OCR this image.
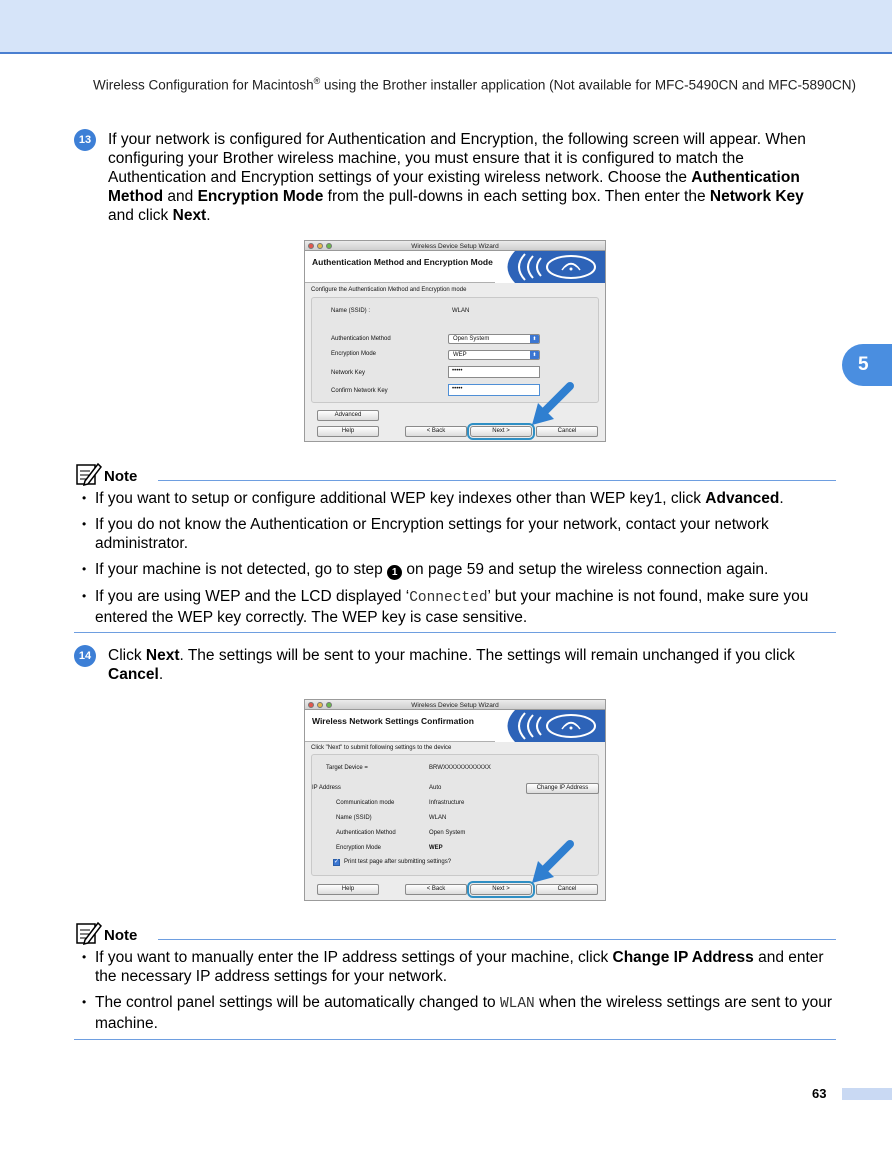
Wireless Configuration for Macintosh® using the Brother installer application (Not available for MFC-5490CN and MFC-5890CN)
5
13	If your network is configured for Authentication and Encryption, the following screen will appear. When configuring your Brother wireless machine, you must ensure that it is configured to match the Authentication and Encryption settings of your existing wireless network. Choose the Authentication Method and Encryption Mode from the pull-downs in each setting box. Then enter the Network Key and click Next.
Wireless Device Setup Wizard
Authentication Method and Encryption Mode
Configure the Authentication Method and Encryption mode
Name (SSID) :	WLAN
Authentication Method	Open System	⬍
Encryption Mode	WEP	⬍
Network Key	•••••
Confirm Network Key	•••••
Advanced
Help	< Back	Next >	Cancel
Note
• If you want to setup or configure additional WEP key indexes other than WEP key1, click Advanced.
• If you do not know the Authentication or Encryption settings for your network, contact your network administrator.
• If your machine is not detected, go to step 1 on page 59 and setup the wireless connection again.
• If you are using WEP and the LCD displayed ‘Connected’ but your machine is not found, make sure you entered the WEP key correctly. The WEP key is case sensitive.
14	Click Next. The settings will be sent to your machine. The settings will remain unchanged if you click Cancel.
Wireless Device Setup Wizard
Wireless Network Settings Confirmation
Click "Next" to submit following settings to the device
Target Device =	BRWXXXXXXXXXXXX
IP Address	Auto	Change IP Address
Communication mode	Infrastructure
Name (SSID)	WLAN
Authentication Method	Open System
Encryption Mode	WEP
✓ Print test page after submitting settings?
Help	< Back	Next >	Cancel
Note
• If you want to manually enter the IP address settings of your machine, click Change IP Address and enter the necessary IP address settings for your network.
• The control panel settings will be automatically changed to WLAN when the wireless settings are sent to your machine.
63
